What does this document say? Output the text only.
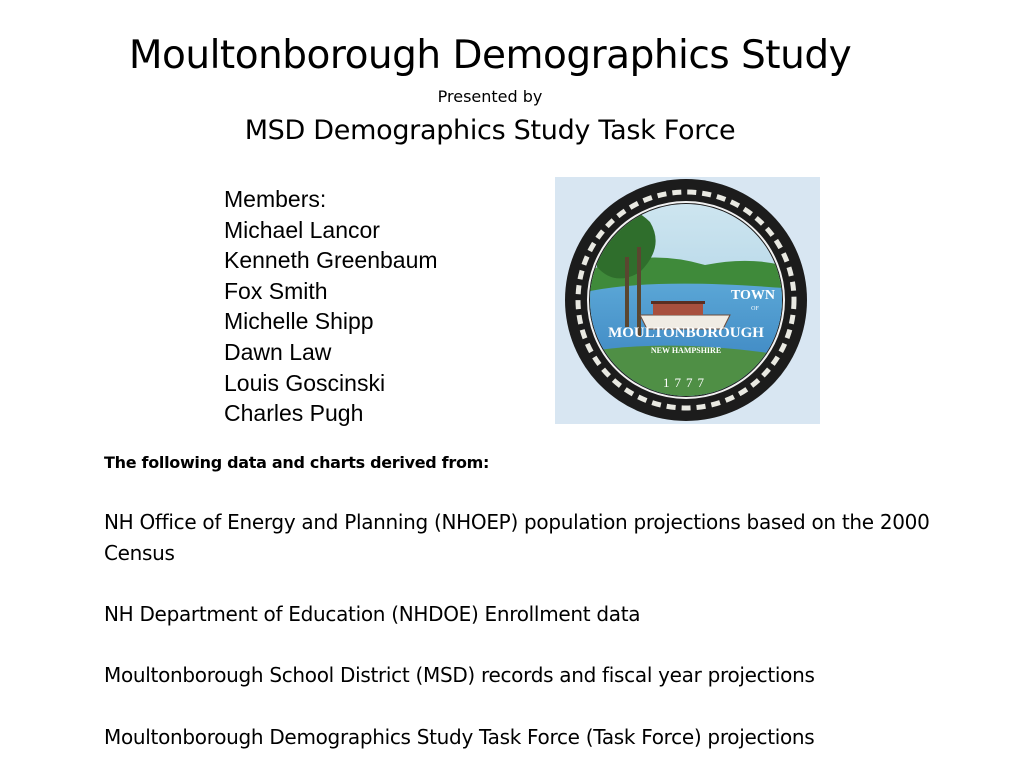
Moultonborough Demographics Study
Presented by
MSD Demographics Study Task Force
Members:
Michael Lancor
Kenneth Greenbaum
Fox Smith
Michelle Shipp
Dawn Law
Louis Goscinski
Charles Pugh
TOWN
OF
MOULTONBOROUGH
NEW HAMPSHIRE
1777
The following data and charts derived from:
NH Office of Energy and Planning (NHOEP) population projections based on the 2000 Census
NH Department of Education (NHDOE) Enrollment data
Moultonborough School District (MSD) records and fiscal year projections
Moultonborough Demographics Study Task Force (Task Force) projections
